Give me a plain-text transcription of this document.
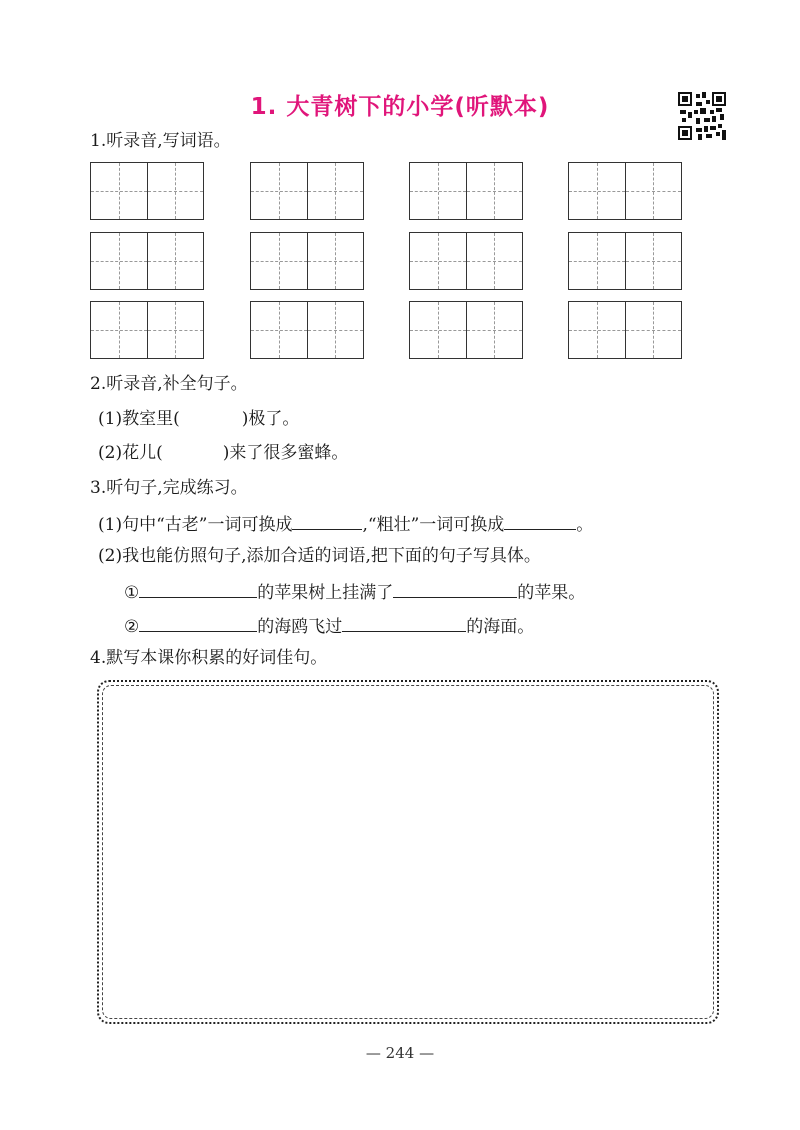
1. 大青树下的小学(听默本)
1.听录音,写词语。
2.听录音,补全句子。
(1)教室里(	)极了。
(2)花儿(	)来了很多蜜蜂。
3.听句子,完成练习。
(1)句中“古老”一词可换成	,“粗壮”一词可换成	。
(2)我也能仿照句子,添加合适的词语,把下面的句子写具体。
①	的苹果树上挂满了	的苹果。
②	的海鸥飞过	的海面。
4.默写本课你积累的好词佳句。
— 244 —
